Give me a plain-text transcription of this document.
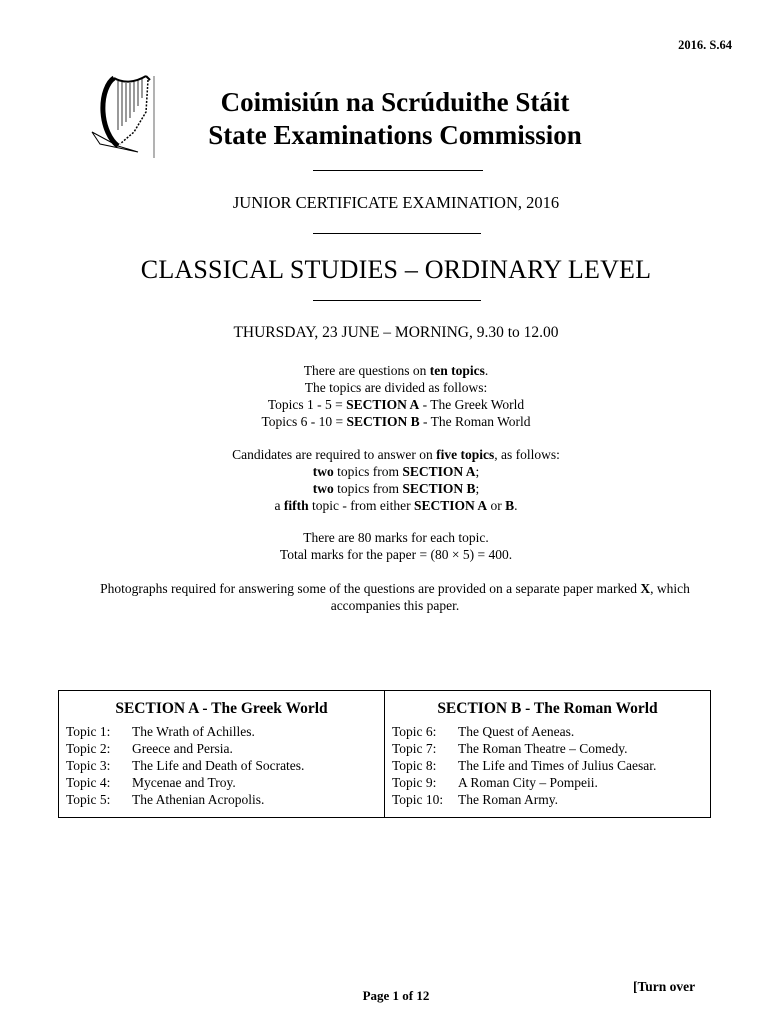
2016. S.64
Coimisiún na Scrúduithe Stáit
State Examinations Commission
JUNIOR CERTIFICATE EXAMINATION, 2016
CLASSICAL STUDIES – ORDINARY LEVEL
THURSDAY, 23 JUNE – MORNING, 9.30 to 12.00
There are questions on ten topics.
The topics are divided as follows:
Topics 1 - 5 = SECTION A - The Greek World
Topics 6 - 10 = SECTION B - The Roman World
Candidates are required to answer on five topics, as follows:
two topics from SECTION A;
two topics from SECTION B;
a fifth topic - from either SECTION A or B.
There are 80 marks for each topic.
Total marks for the paper = (80 × 5) = 400.
Photographs required for answering some of the questions are provided on a separate paper marked X, which accompanies this paper.
SECTION A - The Greek World
Topic 1:	The Wrath of Achilles.
Topic 2:	Greece and Persia.
Topic 3:	The Life and Death of Socrates.
Topic 4:	Mycenae and Troy.
Topic 5:	The Athenian Acropolis.

SECTION B - The Roman World
Topic 6:	The Quest of Aeneas.
Topic 7:	The Roman Theatre – Comedy.
Topic 8:	The Life and Times of Julius Caesar.
Topic 9:	A Roman City – Pompeii.
Topic 10:	The Roman Army.
Page 1 of 12
[Turn over
